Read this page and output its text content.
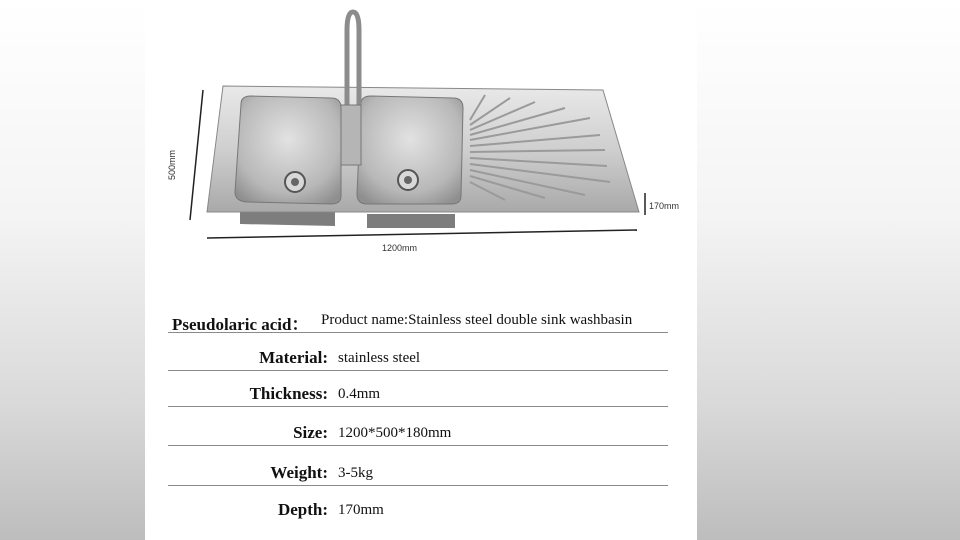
1200mm
170mm
500mm
Pseudolaric acid： Product name:Stainless steel double sink washbasin
Material: stainless steel
Thickness: 0.4mm
Size: 1200*500*180mm
Weight: 3-5kg
Depth: 170mm
